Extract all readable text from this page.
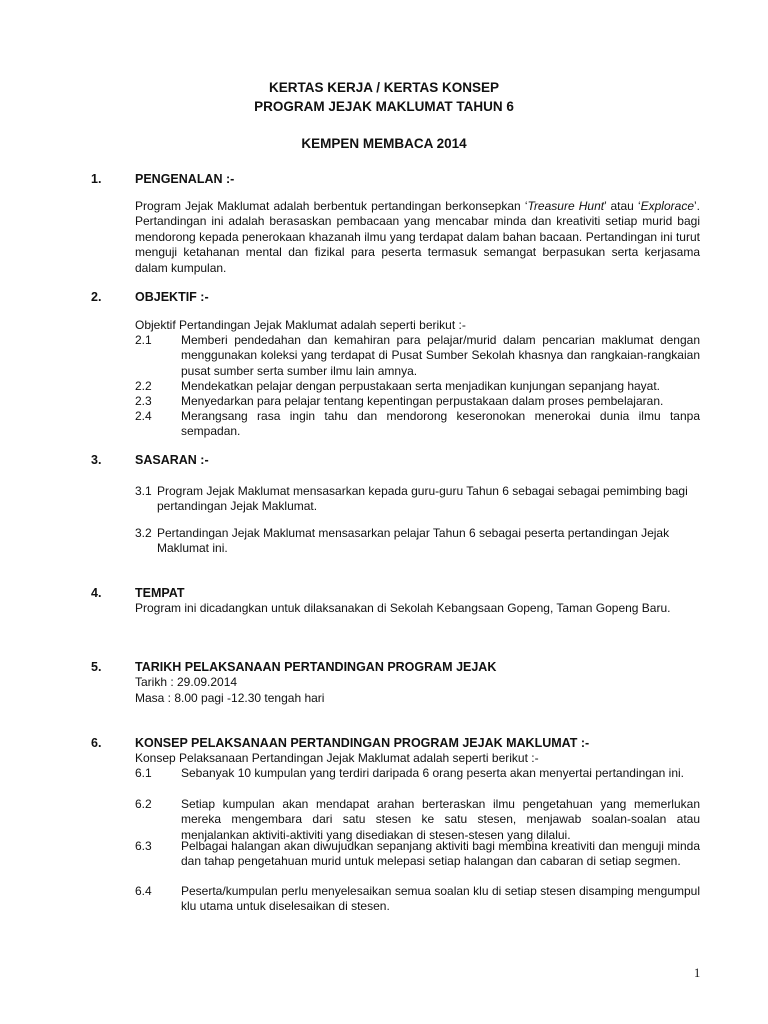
KERTAS KERJA / KERTAS KONSEP
PROGRAM JEJAK MAKLUMAT TAHUN 6
KEMPEN MEMBACA 2014
1.	PENGENALAN :-
Program Jejak Maklumat adalah berbentuk pertandingan berkonsepkan ‘Treasure Hunt’ atau ‘Explorace’. Pertandingan ini adalah berasaskan pembacaan yang mencabar minda dan kreativiti setiap murid bagi mendorong kepada penerokaan khazanah ilmu yang terdapat dalam bahan bacaan. Pertandingan ini turut menguji ketahanan mental dan fizikal para peserta termasuk semangat berpasukan serta kerjasama dalam kumpulan.
2.	OBJEKTIF :-
Objektif Pertandingan Jejak Maklumat adalah seperti berikut :-
2.1 Memberi pendedahan dan kemahiran para pelajar/murid dalam pencarian maklumat dengan menggunakan koleksi yang terdapat di Pusat Sumber Sekolah khasnya dan rangkaian-rangkaian pusat sumber serta sumber ilmu lain amnya.
2.2 Mendekatkan pelajar dengan perpustakaan serta menjadikan kunjungan sepanjang hayat.
2.3 Menyedarkan para pelajar tentang kepentingan perpustakaan dalam proses pembelajaran.
2.4 Merangsang rasa ingin tahu dan mendorong keseronokan menerokai dunia ilmu tanpa sempadan.
3.	SASARAN :-
3.1 Program Jejak Maklumat mensasarkan kepada guru-guru Tahun 6 sebagai sebagai pemimbing bagi pertandingan Jejak Maklumat.
3.2 Pertandingan Jejak Maklumat mensasarkan pelajar Tahun 6 sebagai peserta pertandingan Jejak Maklumat ini.
4.	TEMPAT
Program ini dicadangkan untuk dilaksanakan di Sekolah Kebangsaan Gopeng, Taman Gopeng Baru.
5.	TARIKH PELAKSANAAN PERTANDINGAN PROGRAM JEJAK
Tarikh : 29.09.2014
Masa : 8.00 pagi -12.30 tengah hari
6.	KONSEP PELAKSANAAN PERTANDINGAN PROGRAM JEJAK MAKLUMAT :-
Konsep Pelaksanaan Pertandingan Jejak Maklumat adalah seperti berikut :-
6.1 Sebanyak 10 kumpulan yang terdiri daripada 6 orang peserta akan menyertai pertandingan ini.
6.2 Setiap kumpulan akan mendapat arahan berteraskan ilmu pengetahuan yang memerlukan mereka mengembara dari satu stesen ke satu stesen, menjawab soalan-soalan atau menjalankan aktiviti-aktiviti yang disediakan di stesen-stesen yang dilalui.
6.3 Pelbagai halangan akan diwujudkan sepanjang aktiviti bagi membina kreativiti dan menguji minda dan tahap pengetahuan murid untuk melepasi setiap halangan dan cabaran di setiap segmen.
6.4 Peserta/kumpulan perlu menyelesaikan semua soalan klu di setiap stesen disamping mengumpul klu utama untuk diselesaikan di stesen.
1
